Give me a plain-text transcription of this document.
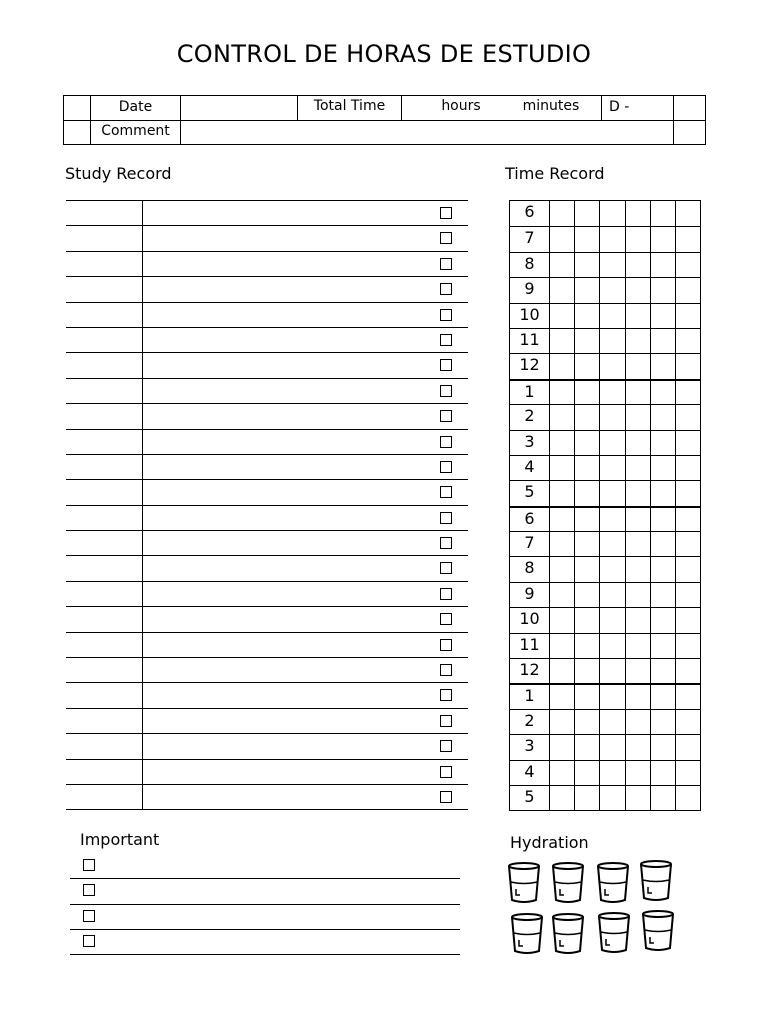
CONTROL DE HORAS DE ESTUDIO
Date	Total Time	hours	minutes	D -
Comment
Study Record	Time Record
6
7
8
9
10
11
12
1
2
3
4
5
6
7
8
9
10
11
12
1
2
3
4
5
Important	Hydration
